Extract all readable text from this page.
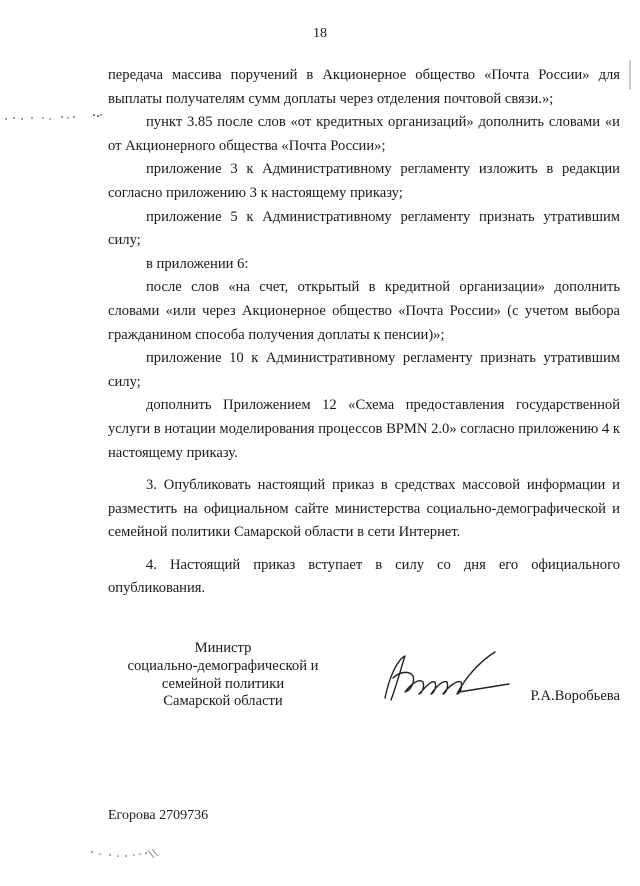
18

передача массива поручений в Акционерное общество «Почта России» для выплаты получателям сумм доплаты через отделения почтовой связи.»;

пункт 3.85 после слов «от кредитных организаций» дополнить словами «и от Акционерного общества «Почта России»;

приложение 3 к Административному регламенту изложить в редакции согласно приложению 3 к настоящему приказу;

приложение 5 к Административному регламенту признать утратившим силу;

в приложении 6:

после слов «на счет, открытый в кредитной организации» дополнить словами «или через Акционерное общество «Почта России» (с учетом выбора гражданином способа получения доплаты к пенсии)»;

приложение 10 к Административному регламенту признать утратившим силу;

дополнить Приложением 12 «Схема предоставления государственной услуги в нотации моделирования процессов BPMN 2.0» согласно приложению 4 к настоящему приказу.

3. Опубликовать настоящий приказ в средствах массовой информации и разместить на официальном сайте министерства социально-демографической и семейной политики Самарской области в сети Интернет.

4. Настоящий приказ вступает в силу со дня его официального опубликования.

Министр
социально-демографической и
семейной политики
Самарской области	Р.А.Воробьева
Егорова 2709736
